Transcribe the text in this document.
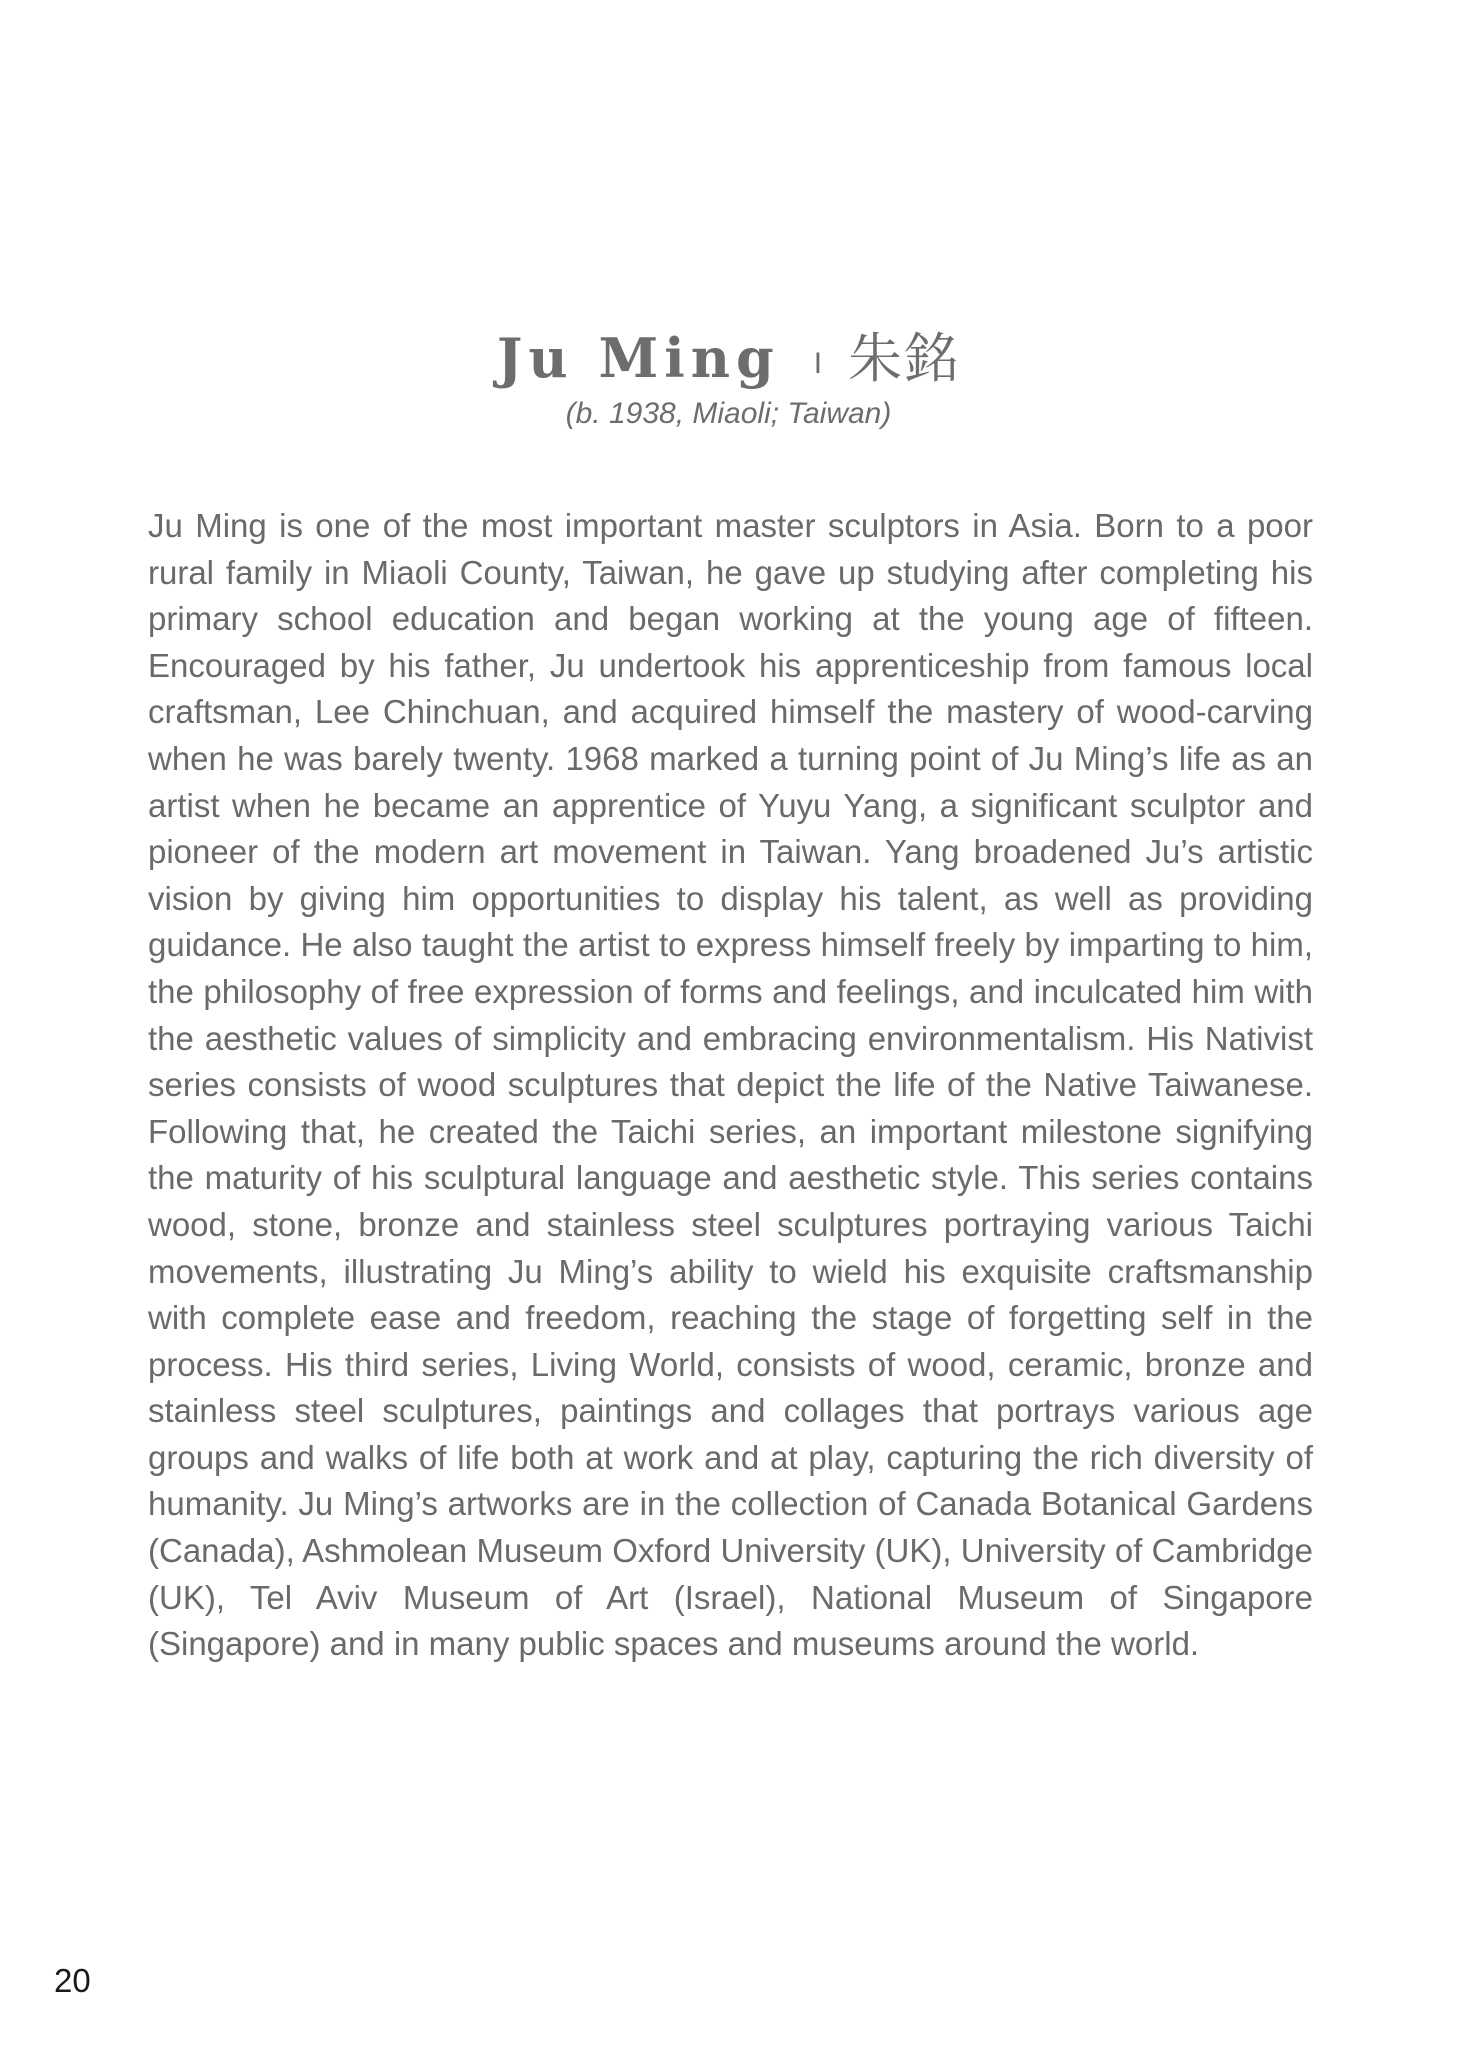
Ju Ming I 朱銘
(b. 1938, Miaoli; Taiwan)

Ju Ming is one of the most important master sculptors in Asia. Born to a poor rural family in Miaoli County, Taiwan, he gave up studying after completing his primary school education and began working at the young age of fifteen. Encouraged by his father, Ju undertook his apprenticeship from famous local craftsman, Lee Chinchuan, and acquired himself the mastery of wood-carving when he was barely twenty. 1968 marked a turning point of Ju Ming’s life as an artist when he became an apprentice of Yuyu Yang, a significant sculptor and pioneer of the modern art movement in Taiwan. Yang broadened Ju’s artistic vision by giving him opportunities to display his talent, as well as providing guidance. He also taught the artist to express himself freely by imparting to him, the philosophy of free expression of forms and feelings, and inculcated him with the aesthetic values of simplicity and embracing environmentalism. His Nativist series consists of wood sculptures that depict the life of the Native Taiwanese. Following that, he created the Taichi series, an important milestone signifying the maturity of his sculptural language and aesthetic style. This series contains wood, stone, bronze and stainless steel sculptures portraying various Taichi movements, illustrating Ju Ming’s ability to wield his exquisite craftsmanship with complete ease and freedom, reaching the stage of forgetting self in the process. His third series, Living World, consists of wood, ceramic, bronze and stainless steel sculptures, paintings and collages that portrays various age groups and walks of life both at work and at play, capturing the rich diversity of humanity. Ju Ming’s artworks are in the collection of Canada Botanical Gardens (Canada), Ashmolean Museum Oxford University (UK), University of Cambridge (UK), Tel Aviv Museum of Art (Israel), National Museum of Singapore (Singapore) and in many public spaces and museums around the world.

20
